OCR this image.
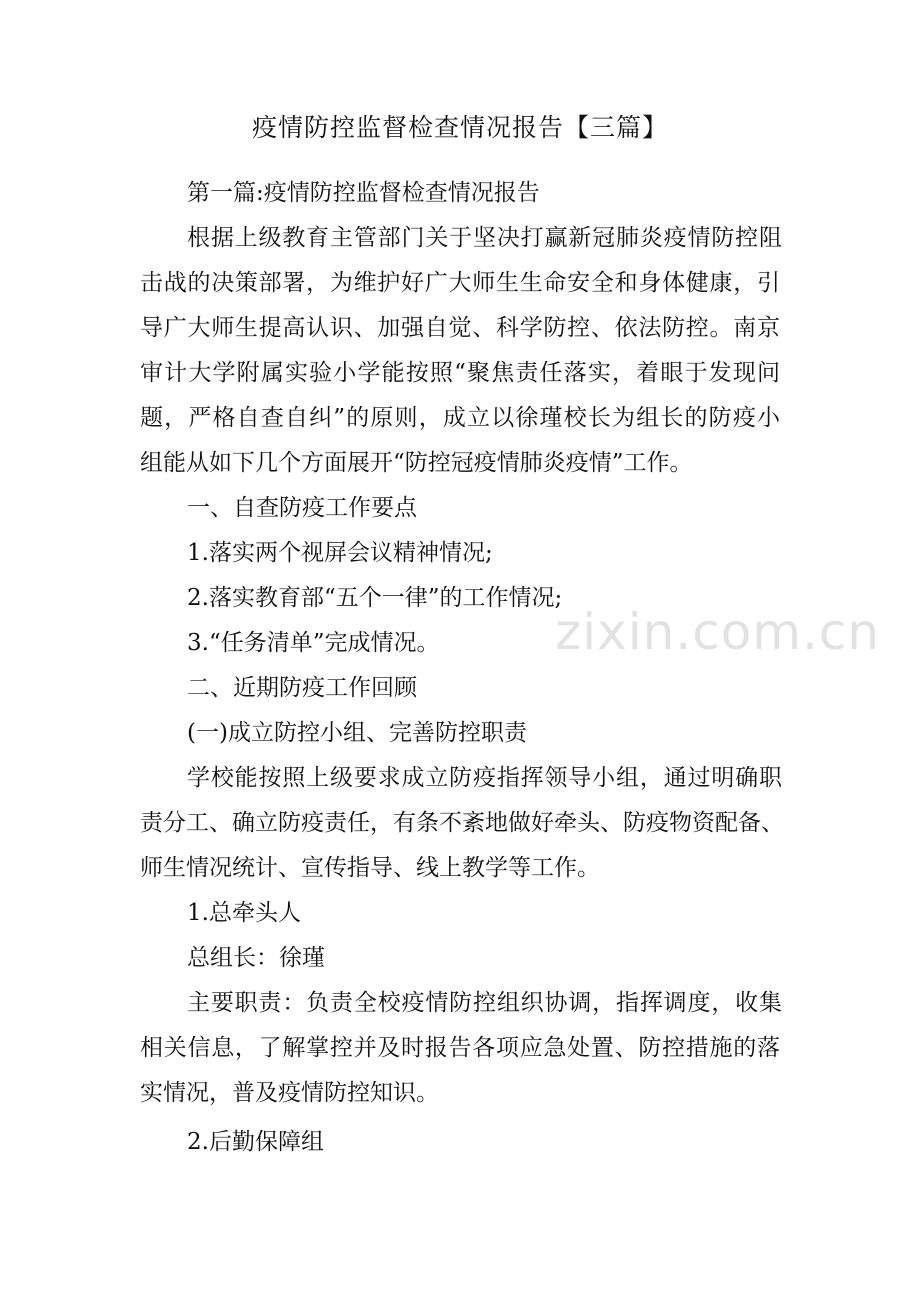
疫情防控监督检查情况报告【三篇】
第一篇:疫情防控监督检查情况报告
根据上级教育主管部门关于坚决打赢新冠肺炎疫情防控阻
击战的决策部署，为维护好广大师生生命安全和身体健康，引
导广大师生提高认识、加强自觉、科学防控、依法防控。南京
审计大学附属实验小学能按照“聚焦责任落实，着眼于发现问
题，严格自查自纠”的原则，成立以徐瑾校长为组长的防疫小
组能从如下几个方面展开“防控冠疫情肺炎疫情”工作。
一、自查防疫工作要点
1.落实两个视屏会议精神情况;
2.落实教育部“五个一律”的工作情况;
3.“任务清单”完成情况。
二、近期防疫工作回顾
(一)成立防控小组、完善防控职责
学校能按照上级要求成立防疫指挥领导小组，通过明确职
责分工、确立防疫责任，有条不紊地做好牵头、防疫物资配备、
师生情况统计、宣传指导、线上教学等工作。
1.总牵头人
总组长：徐瑾
主要职责：负责全校疫情防控组织协调，指挥调度，收集
相关信息，了解掌控并及时报告各项应急处置、防控措施的落
实情况，普及疫情防控知识。
2.后勤保障组
zixin.com.cn
